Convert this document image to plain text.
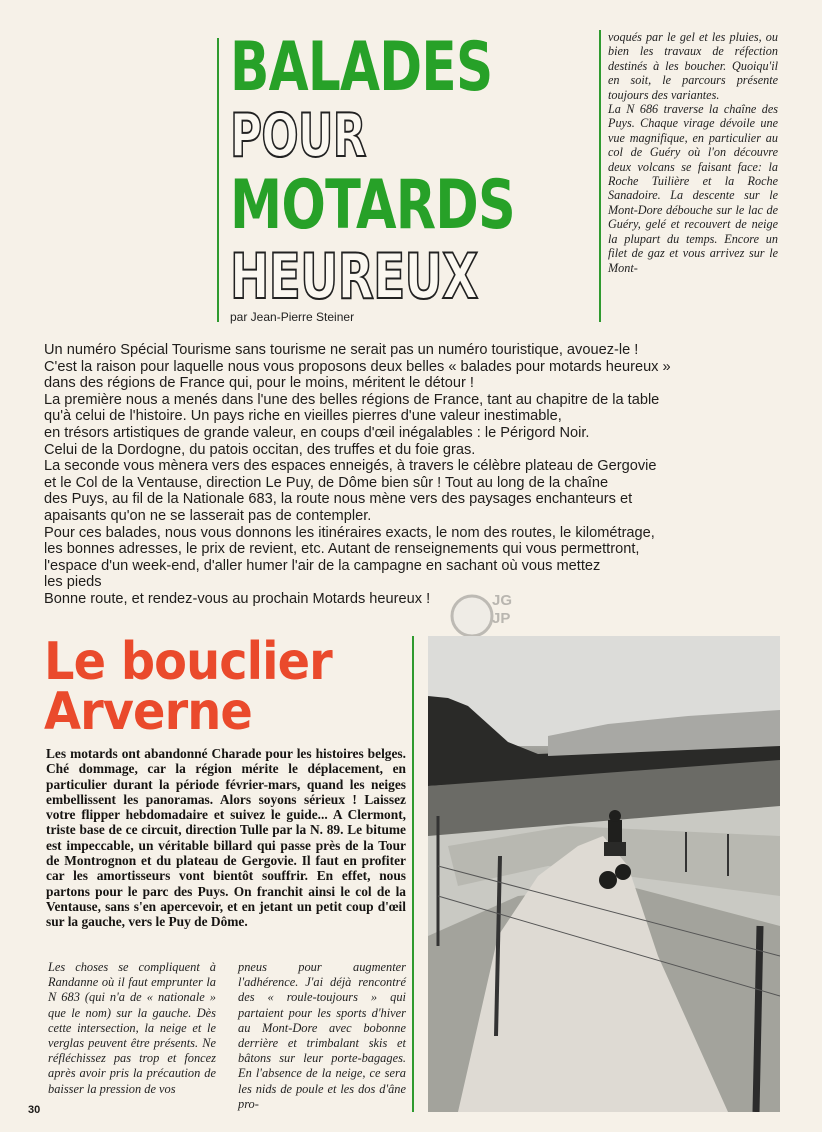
BALADES
POUR
MOTARDS
HEUREUX
par Jean-Pierre Steiner

voqués par le gel et les pluies, ou bien les travaux de réfection destinés à les boucher. Quoiqu'il en soit, le parcours présente toujours des variantes.

La N 686 traverse la chaîne des Puys. Chaque virage dévoile une vue magnifique, en particulier au col de Guéry où l'on découvre deux volcans se faisant face: la Roche Tuilière et la Roche Sanadoire. La descente sur le Mont-Dore débouche sur le lac de Guéry, gelé et recouvert de neige la plupart du temps. Encore un filet de gaz et vous arrivez sur le Mont-

Un numéro Spécial Tourisme sans tourisme ne serait pas un numéro touristique, avouez-le !
C'est la raison pour laquelle nous vous proposons deux belles « balades pour motards heureux »
dans des régions de France qui, pour le moins, méritent le détour !
La première nous a menés dans l'une des belles régions de France, tant au chapitre de la table
qu'à celui de l'histoire. Un pays riche en vieilles pierres d'une valeur inestimable,
en trésors artistiques de grande valeur, en coups d'œil inégalables : le Périgord Noir.
Celui de la Dordogne, du patois occitan, des truffes et du foie gras.
La seconde vous mènera vers des espaces enneigés, à travers le célèbre plateau de Gergovie
et le Col de la Ventause, direction Le Puy, de Dôme bien sûr ! Tout au long de la chaîne
des Puys, au fil de la Nationale 683, la route nous mène vers des paysages enchanteurs et
apaisants qu'on ne se lasserait pas de contempler.
Pour ces balades, nous vous donnons les itinéraires exacts, le nom des routes, le kilométrage,
les bonnes adresses, le prix de revient, etc. Autant de renseignements qui vous permettront,
l'espace d'un week-end, d'aller humer l'air de la campagne en sachant où vous mettez
les pieds
Bonne route, et rendez-vous au prochain Motards heureux !	JG
JP
Le bouclier
Arverne
Les motards ont abandonné Charade pour les histoires belges. Ché dommage, car la région mérite le déplacement, en particulier durant la période février-mars, quand les neiges embellissent les panoramas. Alors soyons sérieux ! Laissez votre flipper hebdomadaire et suivez le guide... A Clermont, triste base de ce circuit, direction Tulle par la N. 89. Le bitume est impeccable, un véritable billard qui passe près de la Tour de Montrognon et du plateau de Gergovie. Il faut en profiter car les amortisseurs vont bientôt souffrir. En effet, nous partons pour le parc des Puys. On franchit ainsi le col de la Ventause, sans s'en apercevoir, et en jetant un petit coup d'œil sur la gauche, vers le Puy de Dôme.
Les choses se compliquent à Randanne où il faut emprunter la N 683 (qui n'a de « nationale » que le nom) sur la gauche. Dès cette intersection, la neige et le verglas peuvent être présents. Ne réfléchissez pas trop et foncez après avoir pris la précaution de baisser la pression de vos
pneus pour augmenter l'adhérence. J'ai déjà rencontré des « roule-toujours » qui partaient pour les sports d'hiver au Mont-Dore avec bobonne derrière et trimbalant skis et bâtons sur leur porte-bagages. En l'absence de la neige, ce sera les nids de poule et les dos d'âne pro-
30
